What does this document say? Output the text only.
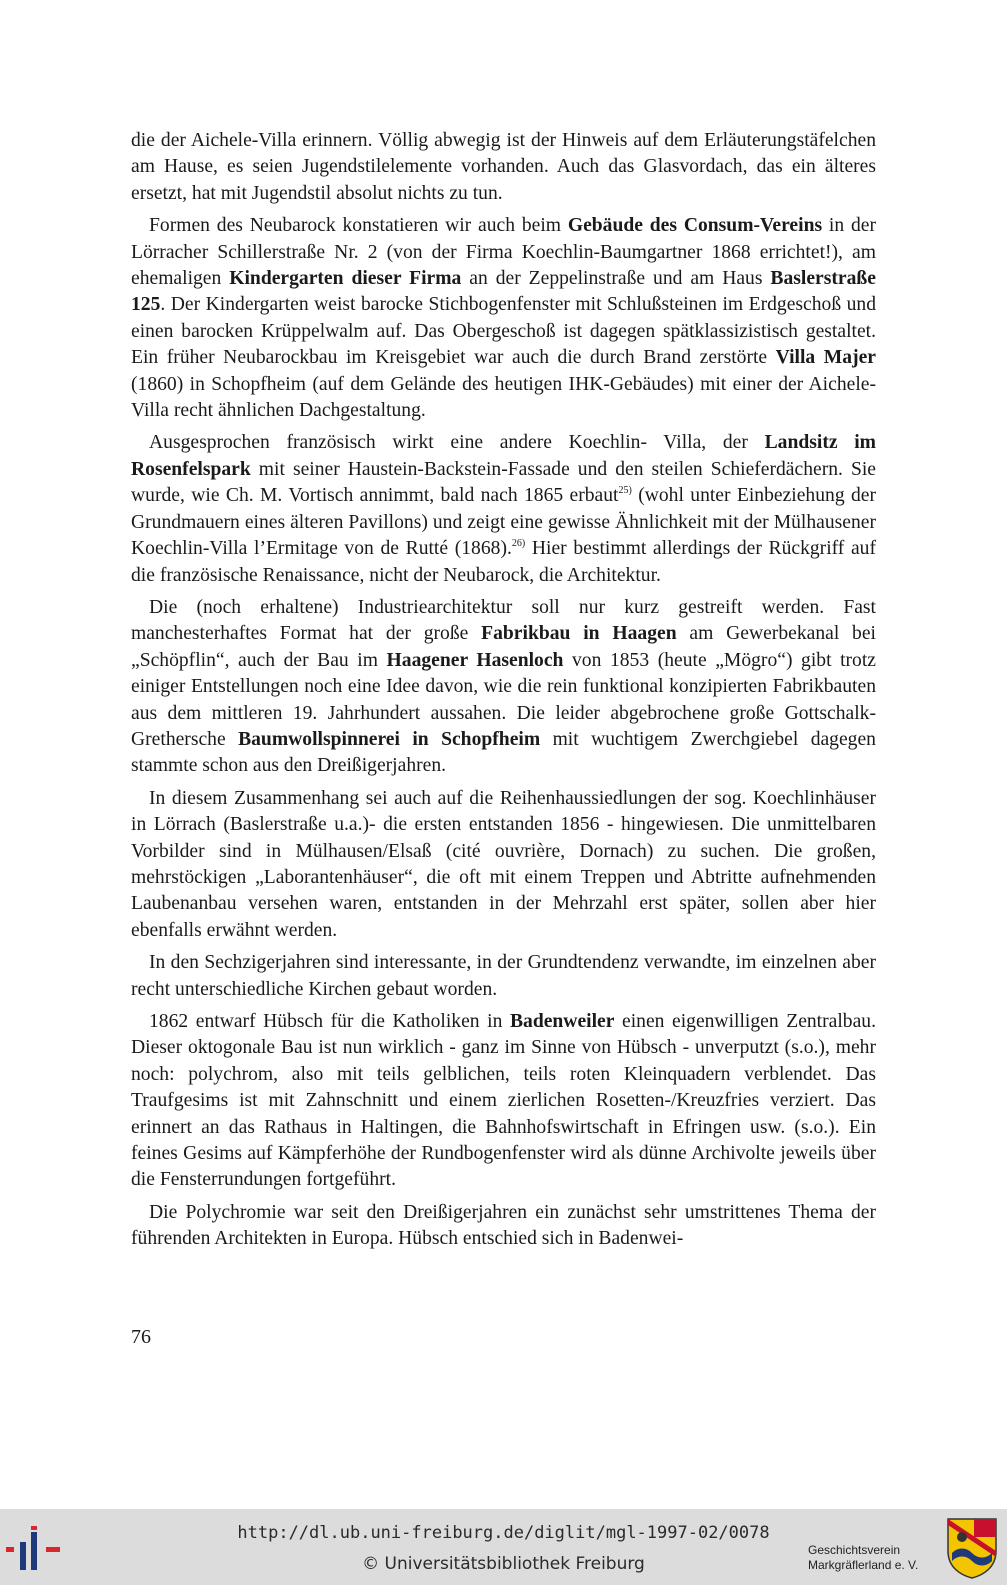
die der Aichele-Villa erinnern. Völlig abwegig ist der Hinweis auf dem Erläuterungstäfelchen am Hause, es seien Jugendstilelemente vorhanden. Auch das Glasvordach, das ein älteres ersetzt, hat mit Jugendstil absolut nichts zu tun.

Formen des Neubarock konstatieren wir auch beim Gebäude des Consum-Vereins in der Lörracher Schillerstraße Nr. 2 (von der Firma Koechlin-Baumgartner 1868 errichtet!), am ehemaligen Kindergarten dieser Firma an der Zeppelinstraße und am Haus Baslerstraße 125. Der Kindergarten weist barocke Stichbogenfenster mit Schlußsteinen im Erdgeschoß und einen barocken Krüppelwalm auf. Das Obergeschoß ist dagegen spätklassizistisch gestaltet. Ein früher Neubarockbau im Kreisgebiet war auch die durch Brand zerstörte Villa Majer (1860) in Schopfheim (auf dem Gelände des heutigen IHK-Gebäudes) mit einer der Aichele-Villa recht ähnlichen Dachgestaltung.

Ausgesprochen französisch wirkt eine andere Koechlin- Villa, der Landsitz im Rosenfelspark mit seiner Haustein-Backstein-Fassade und den steilen Schieferdächern. Sie wurde, wie Ch. M. Vortisch annimmt, bald nach 1865 erbaut$^{25)}$ (wohl unter Einbeziehung der Grundmauern eines älteren Pavillons) und zeigt eine gewisse Ähnlichkeit mit der Mülhausener Koechlin-Villa l’Ermitage von de Rutté (1868).$^{26)}$ Hier bestimmt allerdings der Rückgriff auf die französische Renaissance, nicht der Neubarock, die Architektur.

Die (noch erhaltene) Industriearchitektur soll nur kurz gestreift werden. Fast manchesterhaftes Format hat der große Fabrikbau in Haagen am Gewerbekanal bei „Schöpflin“, auch der Bau im Haagener Hasenloch von 1853 (heute „Mögro“) gibt trotz einiger Entstellungen noch eine Idee davon, wie die rein funktional konzipierten Fabrikbauten aus dem mittleren 19. Jahrhundert aussahen. Die leider abgebrochene große Gottschalk-Grethersche Baumwollspinnerei in Schopfheim mit wuchtigem Zwerchgiebel dagegen stammte schon aus den Dreißigerjahren.

In diesem Zusammenhang sei auch auf die Reihenhaussiedlungen der sog. Koechlinhäuser in Lörrach (Baslerstraße u.a.)- die ersten entstanden 1856 - hingewiesen. Die unmittelbaren Vorbilder sind in Mülhausen/Elsaß (cité ouvrière, Dornach) zu suchen. Die großen, mehrstöckigen „Laborantenhäuser“, die oft mit einem Treppen und Abtritte aufnehmenden Laubenanbau versehen waren, entstanden in der Mehrzahl erst später, sollen aber hier ebenfalls erwähnt werden.

In den Sechzigerjahren sind interessante, in der Grundtendenz verwandte, im einzelnen aber recht unterschiedliche Kirchen gebaut worden.

1862 entwarf Hübsch für die Katholiken in Badenweiler einen eigenwilligen Zentralbau. Dieser oktogonale Bau ist nun wirklich - ganz im Sinne von Hübsch - unverputzt (s.o.), mehr noch: polychrom, also mit teils gelblichen, teils roten Kleinquadern verblendet. Das Traufgesims ist mit Zahnschnitt und einem zierlichen Rosetten-/Kreuzfries verziert. Das erinnert an das Rathaus in Haltingen, die Bahnhofswirtschaft in Efringen usw. (s.o.). Ein feines Gesims auf Kämpferhöhe der Rundbogenfenster wird als dünne Archivolte jeweils über die Fensterrundungen fortgeführt.

Die Polychromie war seit den Dreißigerjahren ein zunächst sehr umstrittenes Thema der führenden Architekten in Europa. Hübsch entschied sich in Badenwei-

76
http://dl.ub.uni-freiburg.de/diglit/mgl-1997-02/0078
© Universitätsbibliothek Freiburg
Geschichtsverein
Markgräflerland e. V.
